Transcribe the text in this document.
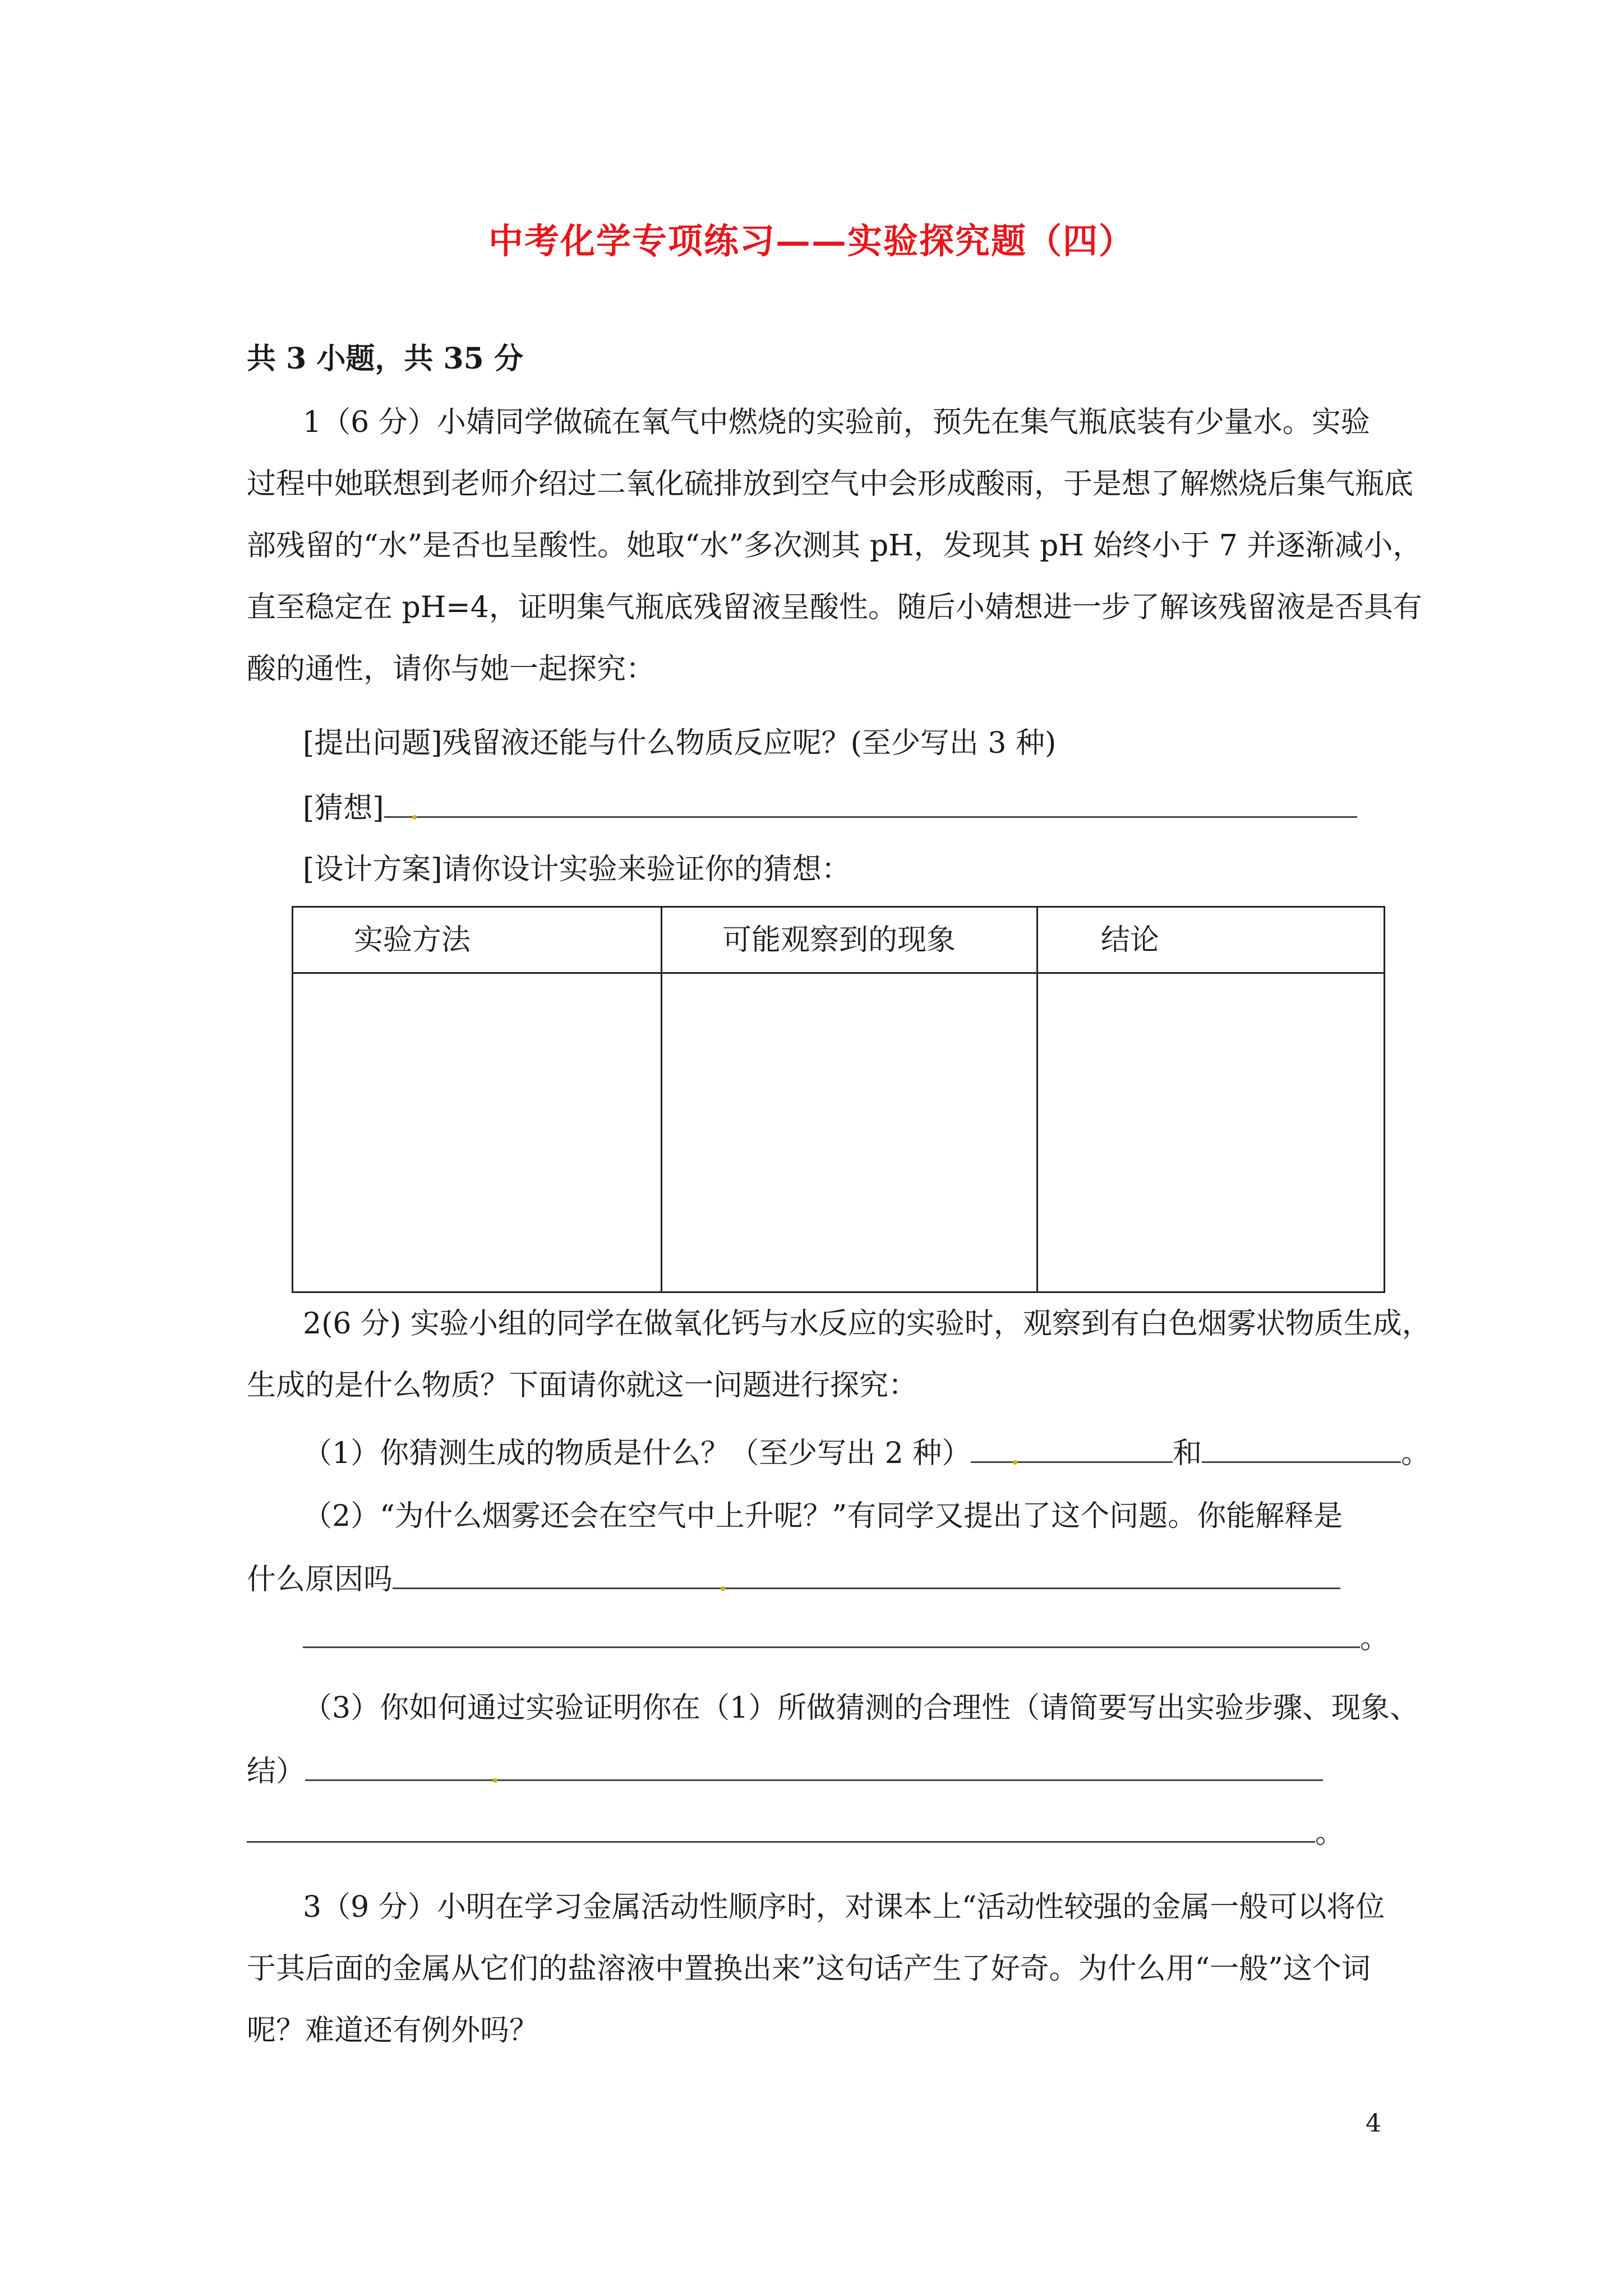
中考化学专项练习——实验探究题（四）
共 3 小题，共 35 分
1（6 分）小婧同学做硫在氧气中燃烧的实验前，预先在集气瓶底装有少量水。实验
过程中她联想到老师介绍过二氧化硫排放到空气中会形成酸雨，于是想了解燃烧后集气瓶底
部残留的“水”是否也呈酸性。她取“水”多次测其 pH，发现其 pH 始终小于 7 并逐渐减小，
直至稳定在 pH=4，证明集气瓶底残留液呈酸性。随后小婧想进一步了解该残留液是否具有
酸的通性，请你与她一起探究：
[提出问题]残留液还能与什么物质反应呢？(至少写出 3 种)
[猜想]
[设计方案]请你设计实验来验证你的猜想：
实验方法	可能观察到的现象	结论
2(6 分) 实验小组的同学在做氧化钙与水反应的实验时，观察到有白色烟雾状物质生成，
生成的是什么物质？下面请你就这一问题进行探究：
（1）你猜测生成的物质是什么？（至少写出 2 种）	和	。
（2）“为什么烟雾还会在空气中上升呢？”有同学又提出了这个问题。你能解释是
什么原因吗
。
（3）你如何通过实验证明你在（1）所做猜测的合理性（请简要写出实验步骤、现象、
结）
。
3（9 分）小明在学习金属活动性顺序时，对课本上“活动性较强的金属一般可以将位
于其后面的金属从它们的盐溶液中置换出来”这句话产生了好奇。为什么用“一般”这个词
呢？难道还有例外吗？
4
